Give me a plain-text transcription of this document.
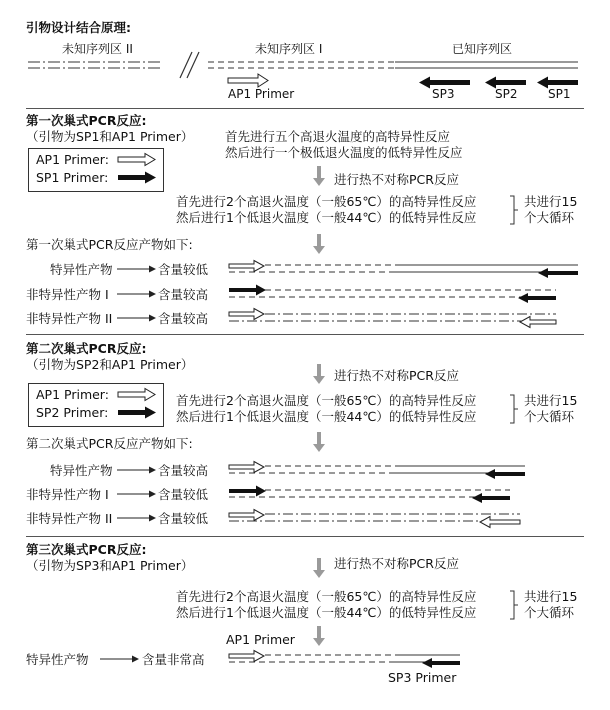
引物设计结合原理:
未知序列区 II	未知序列区 I	已知序列区
AP1 Primer	SP3	SP2	SP1
第一次巢式PCR反应:
（引物为SP1和AP1 Primer）
AP1 Primer:
SP1 Primer:
首先进行五个高退火温度的高特异性反应
然后进行一个极低退火温度的低特异性反应
进行热不对称PCR反应
首先进行2个高退火温度（一般65℃）的高特异性反应
然后进行1个低退火温度（一般44℃）的低特异性反应
共进行15
个大循环
第一次巢式PCR反应产物如下:
特异性产物	含量较低
非特异性产物 I	含量较高
非特异性产物 II	含量较高
第二次巢式PCR反应:
（引物为SP2和AP1 Primer）
AP1 Primer:
SP2 Primer:
进行热不对称PCR反应
首先进行2个高退火温度（一般65℃）的高特异性反应
然后进行1个低退火温度（一般44℃）的低特异性反应
共进行15
个大循环
第二次巢式PCR反应产物如下:
特异性产物	含量较高
非特异性产物 I	含量较低
非特异性产物 II	含量较低
第三次巢式PCR反应:
（引物为SP3和AP1 Primer）	进行热不对称PCR反应
首先进行2个高退火温度（一般65℃）的高特异性反应
然后进行1个低退火温度（一般44℃）的低特异性反应
共进行15
个大循环
AP1 Primer
特异性产物	含量非常高
SP3 Primer
